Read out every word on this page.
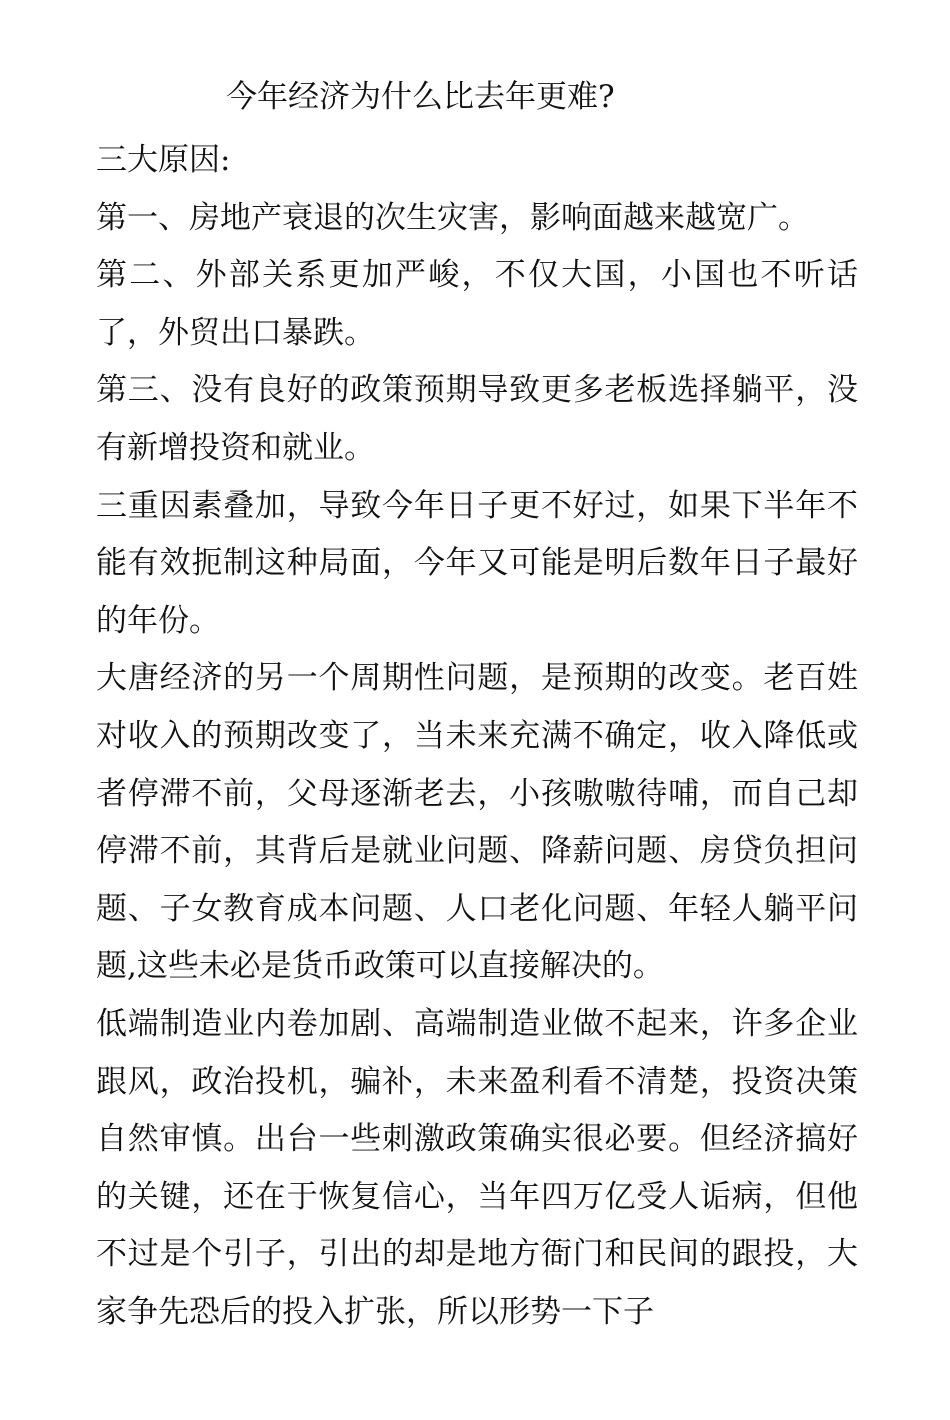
今年经济为什么比去年更难?

三大原因:

第一、房地产衰退的次生灾害，影响面越来越宽广。

第二、外部关系更加严峻，不仅大国，小国也不听话了，外贸出口暴跌。

第三、没有良好的政策预期导致更多老板选择躺平，没有新增投资和就业。

三重因素叠加，导致今年日子更不好过，如果下半年不能有效扼制这种局面，今年又可能是明后数年日子最好的年份。

大唐经济的另一个周期性问题，是预期的改变。老百姓对收入的预期改变了，当未来充满不确定，收入降低或者停滞不前，父母逐渐老去，小孩嗷嗷待哺，而自己却停滞不前，其背后是就业问题、降薪问题、房贷负担问题、子女教育成本问题、人口老化问题、年轻人躺平问题,这些未必是货币政策可以直接解决的。

低端制造业内卷加剧、高端制造业做不起来，许多企业跟风，政治投机，骗补，未来盈利看不清楚，投资决策自然审慎。出台一些刺激政策确实很必要。但经济搞好的关键，还在于恢复信心，当年四万亿受人诟病，但他不过是个引子，引出的却是地方衙门和民间的跟投，大家争先恐后的投入扩张，所以形势一下子
